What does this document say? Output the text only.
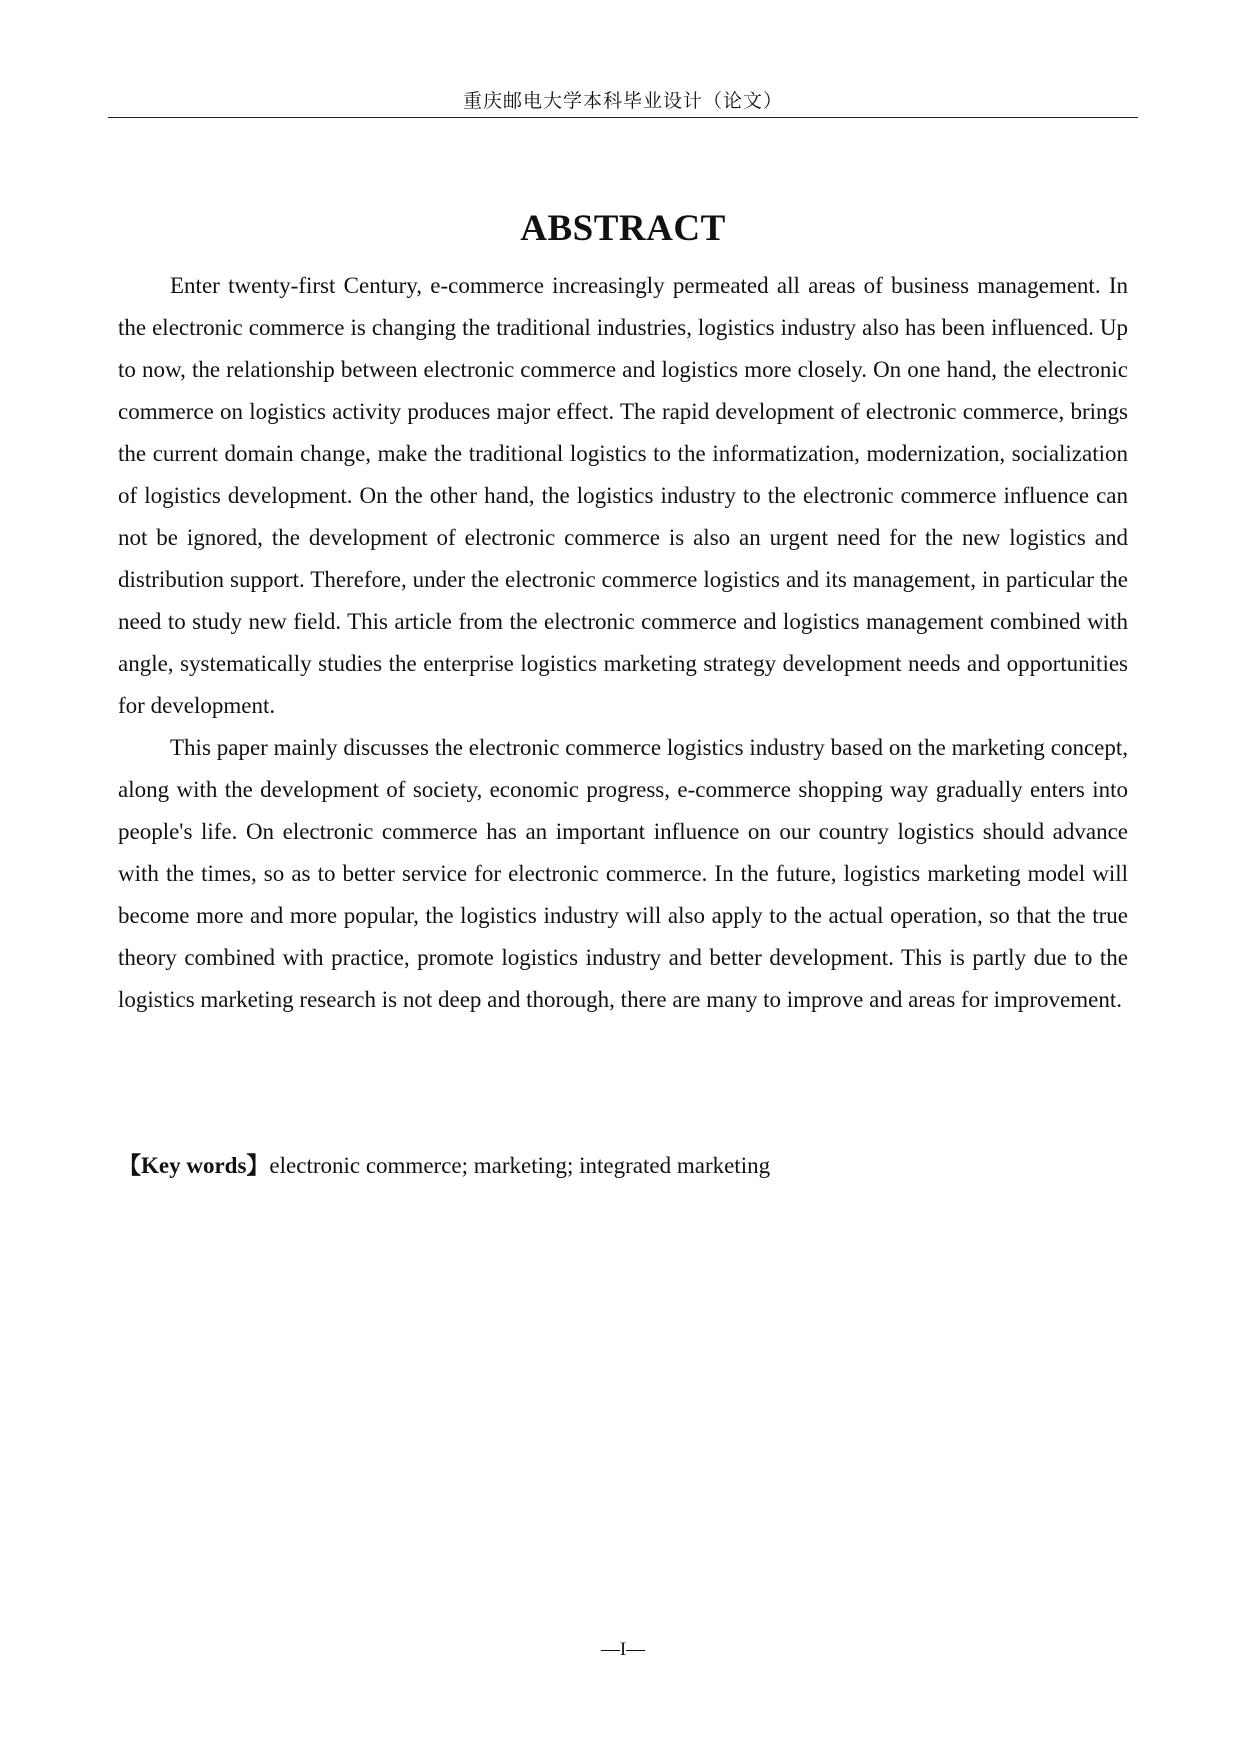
重庆邮电大学本科毕业设计（论文）
ABSTRACT

Enter twenty-first Century, e-commerce increasingly permeated all areas of business management. In the electronic commerce is changing the traditional industries, logistics industry also has been influenced. Up to now, the relationship between electronic commerce and logistics more closely. On one hand, the electronic commerce on logistics activity produces major effect. The rapid development of electronic commerce, brings the current domain change, make the traditional logistics to the informatization, modernization, socialization of logistics development. On the other hand, the logistics industry to the electronic commerce influence can not be ignored, the development of electronic commerce is also an urgent need for the new logistics and distribution support. Therefore, under the electronic commerce logistics and its management, in particular the need to study new field. This article from the electronic commerce and logistics management combined with angle, systematically studies the enterprise logistics marketing strategy development needs and opportunities for development.

This paper mainly discusses the electronic commerce logistics industry based on the marketing concept, along with the development of society, economic progress, e-commerce shopping way gradually enters into people's life. On electronic commerce has an important influence on our country logistics should advance with the times, so as to better service for electronic commerce. In the future, logistics marketing model will become more and more popular, the logistics industry will also apply to the actual operation, so that the true theory combined with practice, promote logistics industry and better development. This is partly due to the logistics marketing research is not deep and thorough, there are many to improve and areas for improvement.

【Key words】electronic commerce; marketing; integrated marketing
—I—
